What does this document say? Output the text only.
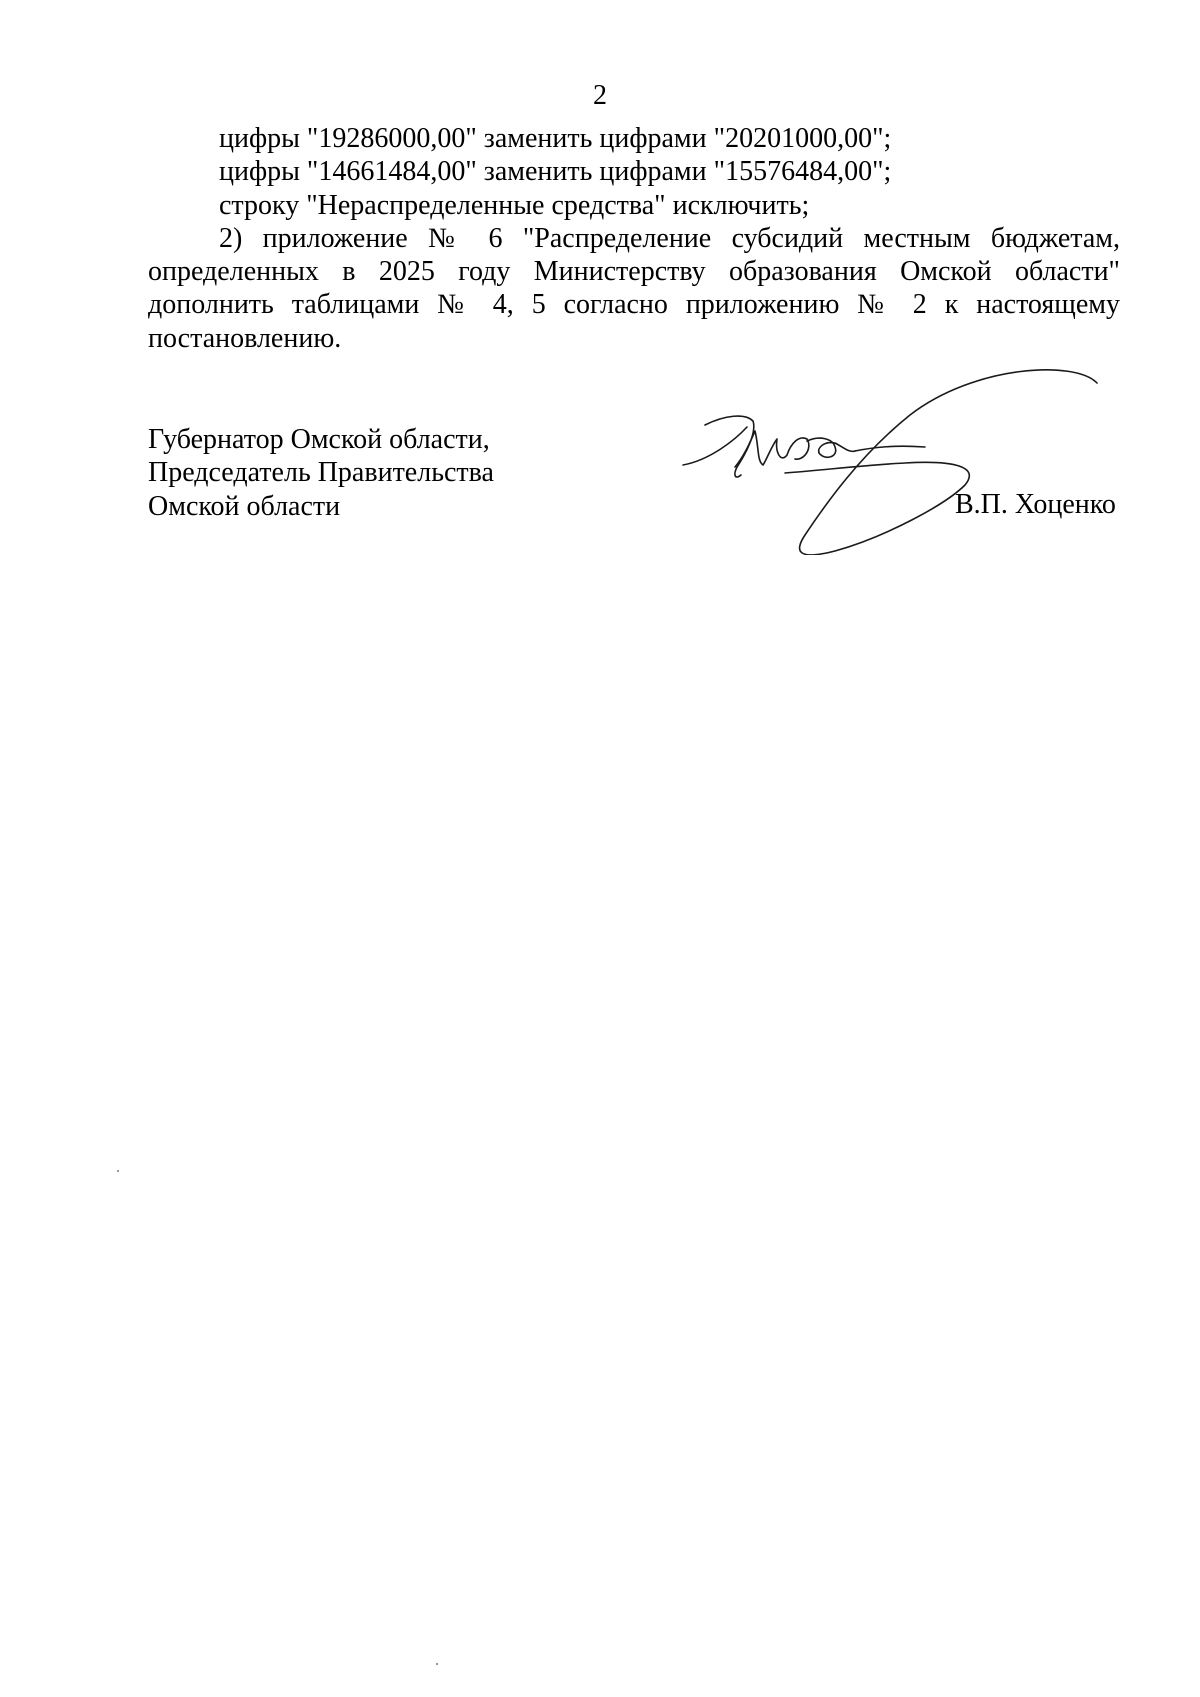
2
цифры "19286000,00" заменить цифрами "20201000,00";
цифры "14661484,00" заменить цифрами "15576484,00";
строку "Нераспределенные средства" исключить;
2) приложение № 6 "Распределение субсидий местным бюджетам, определенных в 2025 году Министерству образования Омской области" дополнить таблицами № 4, 5 согласно приложению № 2 к настоящему постановлению.
Губернатор Омской области,
Председатель Правительства
Омской области	В.П. Хоценко
